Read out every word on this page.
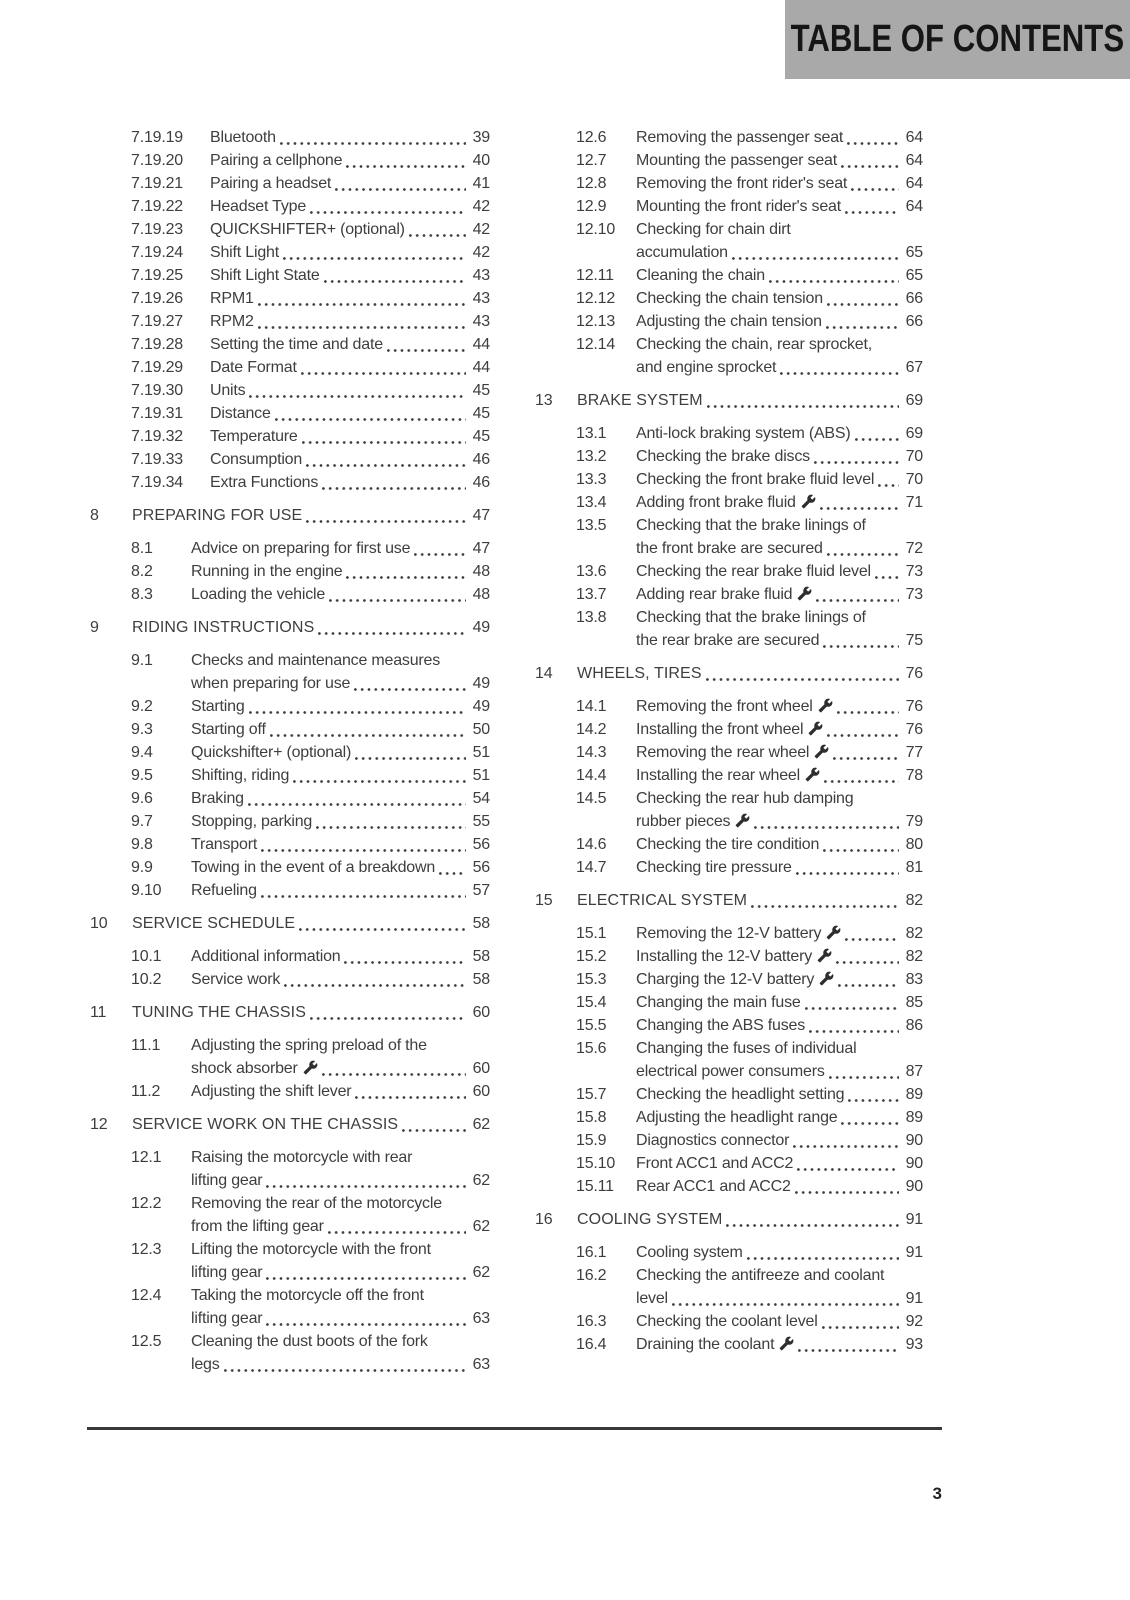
TABLE OF CONTENTS
7.19.19	Bluetooth	39
7.19.20	Pairing a cellphone	40
7.19.21	Pairing a headset	41
7.19.22	Headset Type	42
7.19.23	QUICKSHIFTER+ (optional)	42
7.19.24	Shift Light	42
7.19.25	Shift Light State	43
7.19.26	RPM1	43
7.19.27	RPM2	43
7.19.28	Setting the time and date	44
7.19.29	Date Format	44
7.19.30	Units	45
7.19.31	Distance	45
7.19.32	Temperature	45
7.19.33	Consumption	46
7.19.34	Extra Functions	46
8	PREPARING FOR USE	47
8.1	Advice on preparing for first use	47
8.2	Running in the engine	48
8.3	Loading the vehicle	48
9	RIDING INSTRUCTIONS	49
9.1	Checks and maintenance measures
when preparing for use	49
9.2	Starting	49
9.3	Starting off	50
9.4	Quickshifter+ (optional)	51
9.5	Shifting, riding	51
9.6	Braking	54
9.7	Stopping, parking	55
9.8	Transport	56
9.9	Towing in the event of a breakdown 56
9.10	Refueling	57
10	SERVICE SCHEDULE	58
10.1	Additional information	58
10.2	Service work	58
11	TUNING THE CHASSIS	60
11.1	Adjusting the spring preload of the
shock absorber	60
11.2	Adjusting the shift lever	60
12	SERVICE WORK ON THE CHASSIS	62
12.1	Raising the motorcycle with rear
lifting gear	62
12.2	Removing the rear of the motorcycle
from the lifting gear	62
12.3	Lifting the motorcycle with the front
lifting gear	62
12.4	Taking the motorcycle off the front
lifting gear	63
12.5	Cleaning the dust boots of the fork
legs	63
12.6	Removing the passenger seat	64
12.7	Mounting the passenger seat	64
12.8	Removing the front rider's seat	64
12.9	Mounting the front rider's seat	64
12.10	Checking for chain dirt
accumulation	65
12.11	Cleaning the chain	65
12.12	Checking the chain tension	66
12.13	Adjusting the chain tension	66
12.14	Checking the chain, rear sprocket,
and engine sprocket	67
13	BRAKE SYSTEM	69
13.1	Anti-lock braking system (ABS)	69
13.2	Checking the brake discs	70
13.3	Checking the front brake fluid level 70
13.4	Adding front brake fluid	71
13.5	Checking that the brake linings of
the front brake are secured	72
13.6	Checking the rear brake fluid level 73
13.7	Adding rear brake fluid	73
13.8	Checking that the brake linings of
the rear brake are secured	75
14	WHEELS, TIRES	76
14.1	Removing the front wheel	76
14.2	Installing the front wheel	76
14.3	Removing the rear wheel	77
14.4	Installing the rear wheel	78
14.5	Checking the rear hub damping
rubber pieces	79
14.6	Checking the tire condition	80
14.7	Checking tire pressure	81
15	ELECTRICAL SYSTEM	82
15.1	Removing the 12-V battery	82
15.2	Installing the 12-V battery	82
15.3	Charging the 12-V battery	83
15.4	Changing the main fuse	85
15.5	Changing the ABS fuses	86
15.6	Changing the fuses of individual
electrical power consumers	87
15.7	Checking the headlight setting	89
15.8	Adjusting the headlight range	89
15.9	Diagnostics connector	90
15.10	Front ACC1 and ACC2	90
15.11	Rear ACC1 and ACC2	90
16	COOLING SYSTEM	91
16.1	Cooling system	91
16.2	Checking the antifreeze and coolant
level	91
16.3	Checking the coolant level	92
16.4	Draining the coolant	93
3
